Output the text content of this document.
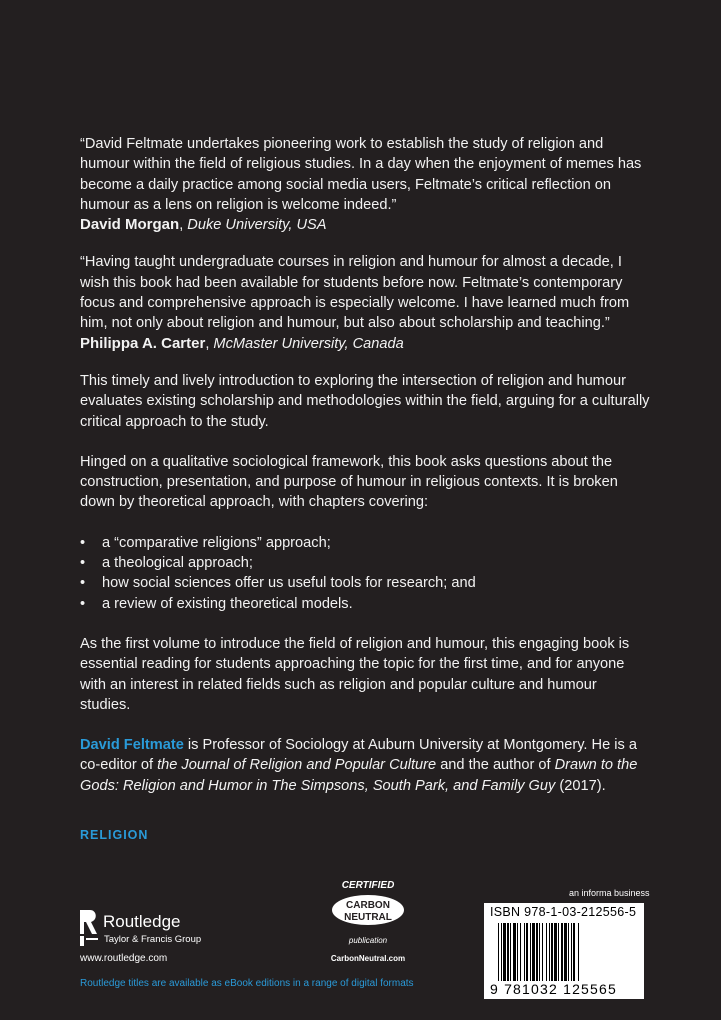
“David Feltmate undertakes pioneering work to establish the study of religion and humour within the field of religious studies. In a day when the enjoyment of memes has become a daily practice among social media users, Feltmate’s critical reflection on humour as a lens on religion is welcome indeed.”
David Morgan, Duke University, USA

“Having taught undergraduate courses in religion and humour for almost a decade, I wish this book had been available for students before now. Feltmate’s contemporary focus and comprehensive approach is especially welcome. I have learned much from him, not only about religion and humour, but also about scholarship and teaching.”
Philippa A. Carter, McMaster University, Canada

This timely and lively introduction to exploring the intersection of religion and humour evaluates existing scholarship and methodologies within the field, arguing for a culturally critical approach to the study.

Hinged on a qualitative sociological framework, this book asks questions about the construction, presentation, and purpose of humour in religious contexts. It is broken down by theoretical approach, with chapters covering:

• a “comparative religions” approach;
• a theological approach;
• how social sciences offer us useful tools for research; and
• a review of existing theoretical models.

As the first volume to introduce the field of religion and humour, this engaging book is essential reading for students approaching the topic for the first time, and for anyone with an interest in related fields such as religion and popular culture and humour studies.

David Feltmate is Professor of Sociology at Auburn University at Montgomery. He is a co-editor of the Journal of Religion and Popular Culture and the author of Drawn to the Gods: Religion and Humor in The Simpsons, South Park, and Family Guy (2017).

RELIGION
Routledge
Taylor & Francis Group
www.routledge.com
CERTIFIED
CARBON
NEUTRAL
publication
CarbonNeutral.com
an informa business
ISBN 978-1-03-212556-5
9 781032 125565
Routledge titles are available as eBook editions in a range of digital formats
